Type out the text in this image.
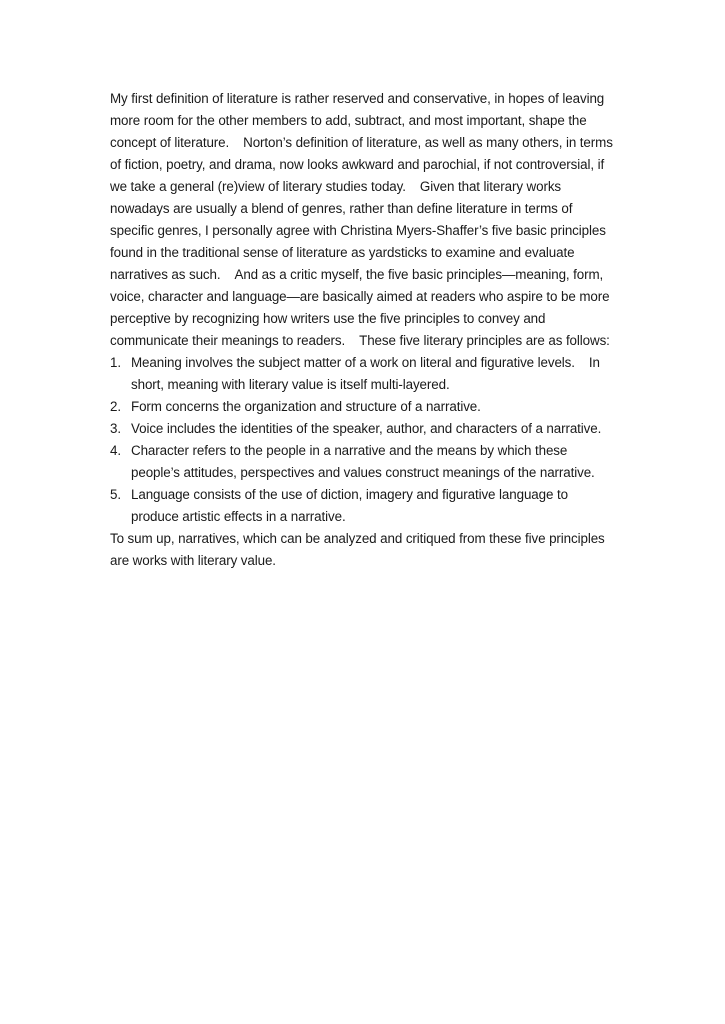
My first definition of literature is rather reserved and conservative, in hopes of leaving more room for the other members to add, subtract, and most important, shape the concept of literature. Norton’s definition of literature, as well as many others, in terms of fiction, poetry, and drama, now looks awkward and parochial, if not controversial, if we take a general (re)view of literary studies today. Given that literary works nowadays are usually a blend of genres, rather than define literature in terms of specific genres, I personally agree with Christina Myers-Shaffer’s five basic principles found in the traditional sense of literature as yardsticks to examine and evaluate narratives as such. And as a critic myself, the five basic principles—meaning, form, voice, character and language—are basically aimed at readers who aspire to be more perceptive by recognizing how writers use the five principles to convey and communicate their meanings to readers. These five literary principles are as follows:

1. Meaning involves the subject matter of a work on literal and figurative levels. In short, meaning with literary value is itself multi-layered.
2. Form concerns the organization and structure of a narrative.
3. Voice includes the identities of the speaker, author, and characters of a narrative.
4. Character refers to the people in a narrative and the means by which these people’s attitudes, perspectives and values construct meanings of the narrative.
5. Language consists of the use of diction, imagery and figurative language to produce artistic effects in a narrative.

To sum up, narratives, which can be analyzed and critiqued from these five principles are works with literary value.
